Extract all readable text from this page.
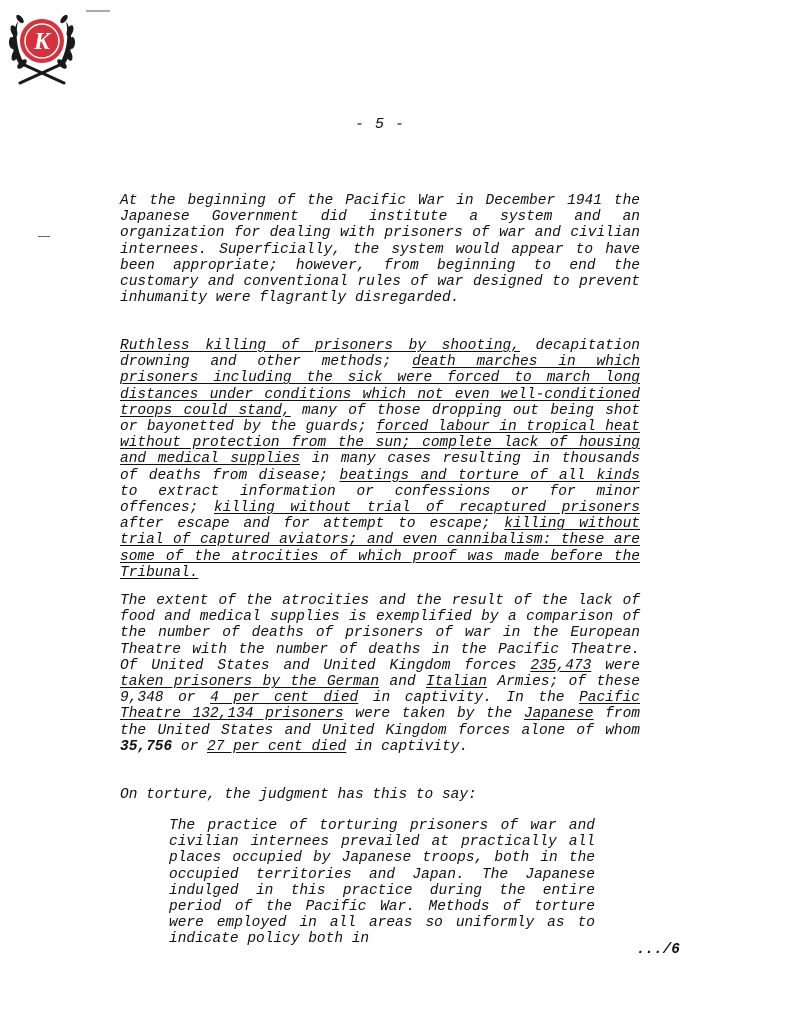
K
- 5 -

At the beginning of the Pacific War in December 1941 the Japanese Government did institute a system and an organization for dealing with prisoners of war and civilian internees. Superficially, the system would appear to have been appropriate; however, from beginning to end the customary and conventional rules of war designed to prevent inhumanity were flagrantly disregarded.

Ruthless killing of prisoners by shooting, decapitation drowning and other methods; death marches in which prisoners including the sick were forced to march long distances under conditions which not even well-conditioned troops could stand, many of those dropping out being shot or bayonetted by the guards; forced labour in tropical heat without protection from the sun; complete lack of housing and medical supplies in many cases resulting in thousands of deaths from disease; beatings and torture of all kinds to extract information or confessions or for minor offences; killing without trial of recaptured prisoners after escape and for attempt to escape; killing without trial of captured aviators; and even cannibalism: these are some of the atrocities of which proof was made before the Tribunal.

The extent of the atrocities and the result of the lack of food and medical supplies is exemplified by a comparison of the number of deaths of prisoners of war in the European Theatre with the number of deaths in the Pacific Theatre. Of United States and United Kingdom forces 235,473 were taken prisoners by the German and Italian Armies; of these 9,348 or 4 per cent died in captivity. In the Pacific Theatre 132,134 prisoners were taken by the Japanese from the United States and United Kingdom forces alone of whom 35,756 or 27 per cent died in captivity.

On torture, the judgment has this to say:

The practice of torturing prisoners of war and civilian internees prevailed at practically all places occupied by Japanese troops, both in the occupied territories and Japan. The Japanese indulged in this practice during the entire period of the Pacific War. Methods of torture were employed in all areas so uniformly as to indicate policy both in

.../6
